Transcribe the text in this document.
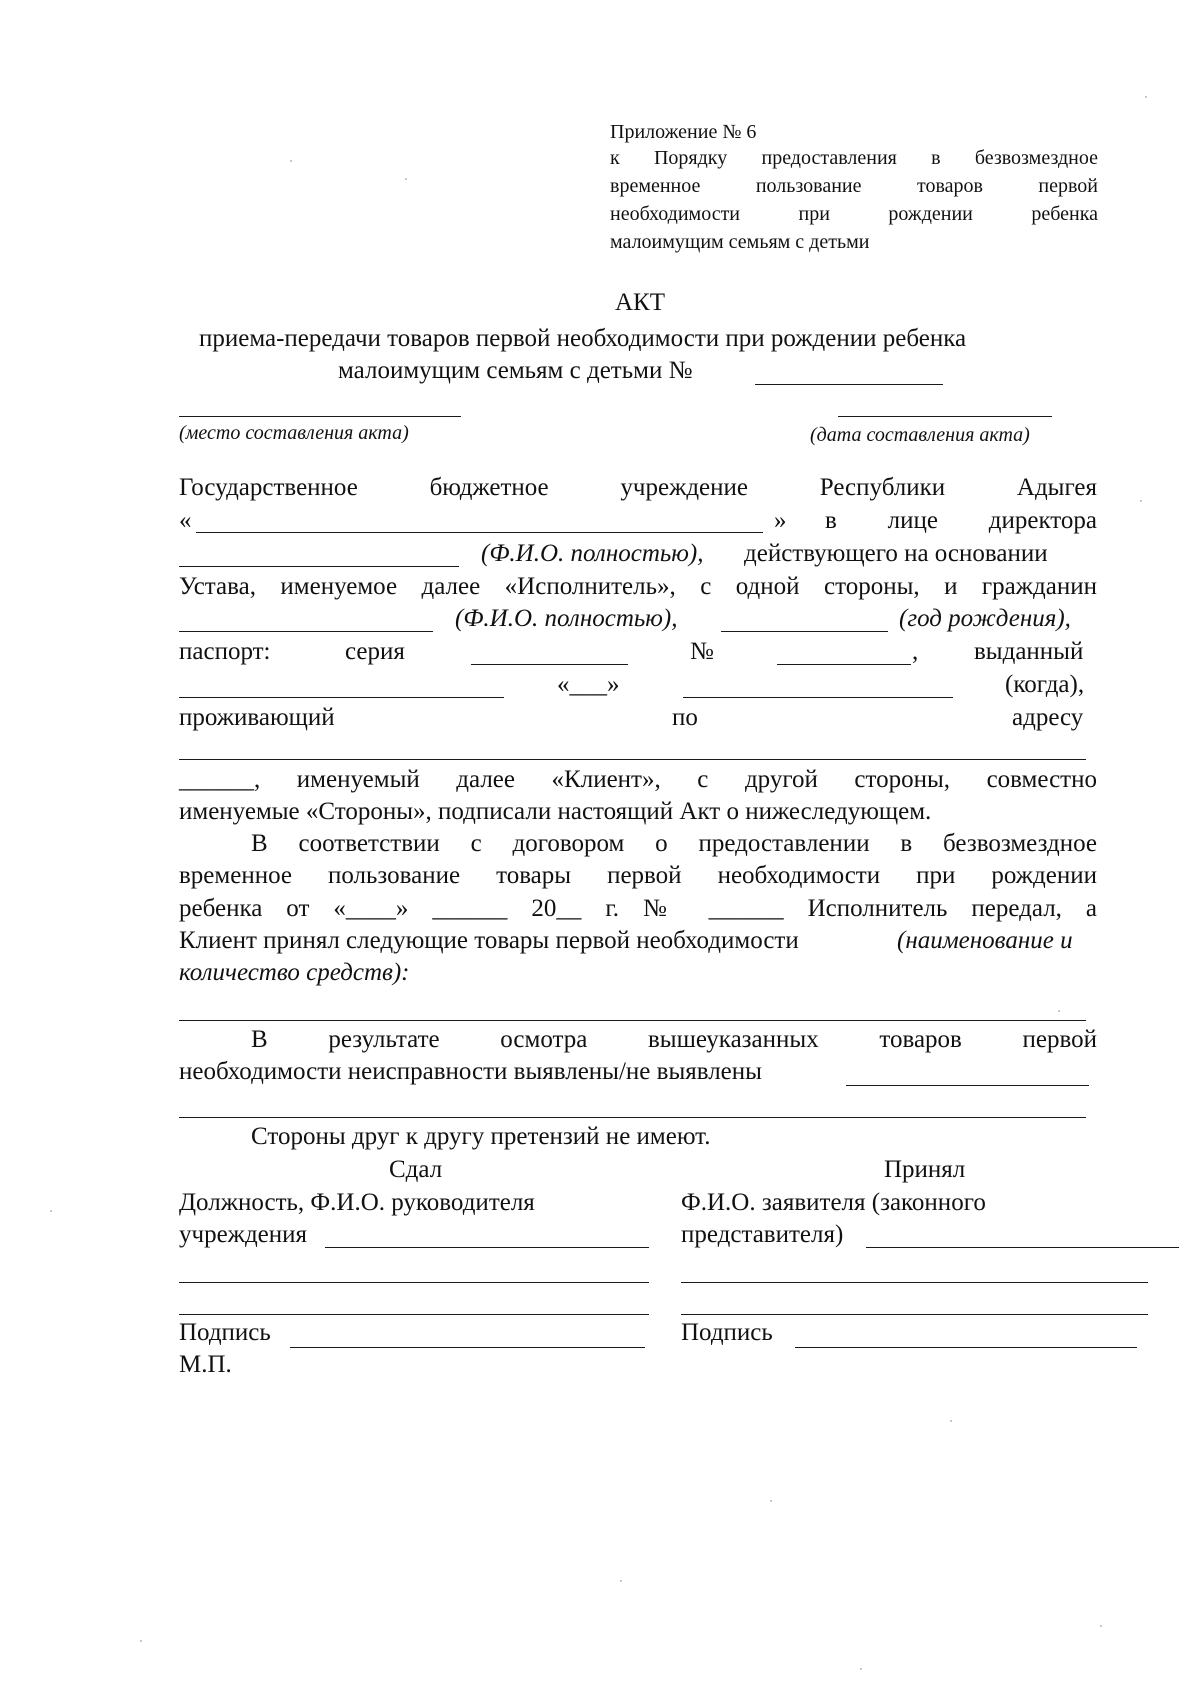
Приложение № 6
к Порядку предоставления в безвозмездное
временное пользование товаров первой
необходимости при рождении ребенка
малоимущим семьям с детьми
АКТ
приема-передачи товаров первой необходимости при рождении ребенка
малоимущим семьям с детьми №
(место составления акта)	(дата составления акта)
Государственное бюджетное учреждение Республики Адыгея
«	» в лице директора
(Ф.И.О. полностью), действующего на основании
Устава, именуемое далее «Исполнитель», с одной стороны, и гражданин
(Ф.И.О. полностью),	(год рождения),
паспорт:	серия	№	, выданный
«___»	(когда),
проживающий	по	адресу
______, именуемый далее «Клиент», с другой стороны, совместно
именуемые «Стороны», подписали настоящий Акт о нижеследующем.
В соответствии с договором о предоставлении в безвозмездное
временное пользование товары первой необходимости при рождении
ребенка от «____» ______ 20__ г. № ______ Исполнитель передал, а
Клиент принял следующие товары первой необходимости	(наименование и
количество средств):
В результате осмотра вышеуказанных товаров первой
необходимости неисправности выявлены/не выявлены
Стороны друг к другу претензий не имеют.
Сдал	Принял
Должность, Ф.И.О. руководителя	Ф.И.О. заявителя (законного
учреждения	представителя)
Подпись	Подпись
М.П.
